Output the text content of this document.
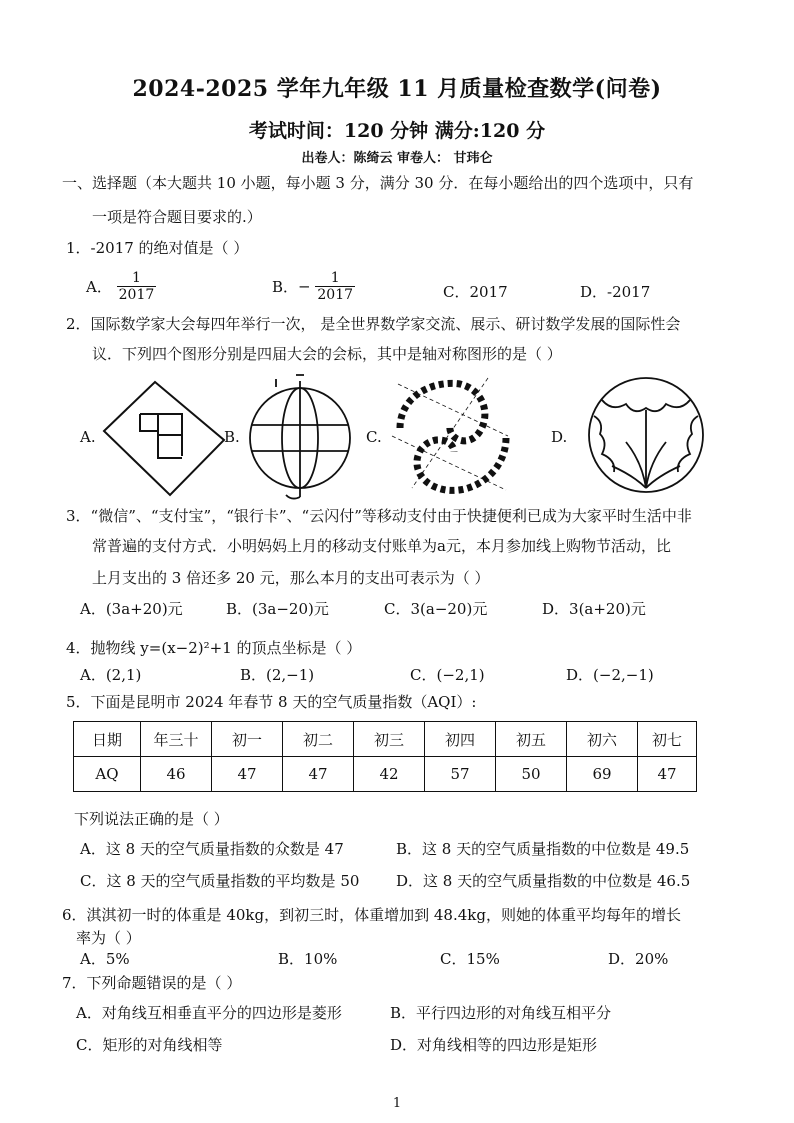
2024-2025 学年九年级 11 月质量检查数学(问卷)
考试时间：120 分钟 满分:120 分
出卷人：陈绮云 审卷人： 甘玮仑
一、选择题（本大题共 10 小题，每小题 3 分，满分 30 分．在每小题给出的四个选项中，只有
一项是符合题目要求的.）
1．-2017 的绝对值是（ ）
A． $\frac{1}{2017}$	B．− $\frac{1}{2017}$	C．2017	D．-2017
2．国际数学家大会每四年举行一次， 是全世界数学家交流、展示、研讨数学发展的国际性会
议．下列四个图形分别是四届大会的会标，其中是轴对称图形的是（ ）
A.	B.	C.	D.
3．“微信”、“支付宝”，“银行卡”、“云闪付”等移动支付由于快捷便利已成为大家平时生活中非
常普遍的支付方式．小明妈妈上月的移动支付账单为a元，本月参加线上购物节活动，比
上月支出的 3 倍还多 20 元，那么本月的支出可表示为（ ）
A．(3a+20)元	B．(3a−20)元	C．3(a−20)元	D．3(a+20)元
4．抛物线 y=(x−2)²+1 的顶点坐标是（ ）
A．(2,1)	B．(2,−1)	C．(−2,1)	D．(−2,−1)
5．下面是昆明市 2024 年春节 8 天的空气质量指数（AQI）:
日期	年三十	初一	初二	初三	初四	初五	初六	初七
AQ	46	47	47	42	57	50	69	47
下列说法正确的是（ ）
A．这 8 天的空气质量指数的众数是 47	B．这 8 天的空气质量指数的中位数是 49.5
C．这 8 天的空气质量指数的平均数是 50 D．这 8 天的空气质量指数的中位数是 46.5
6．淇淇初一时的体重是 40kg，到初三时，体重增加到 48.4kg，则她的体重平均每年的增长
率为（ ）
A．5%	B．10%	C．15%	D．20%
7．下列命题错误的是（ ）
A．对角线互相垂直平分的四边形是菱形	B．平行四边形的对角线互相平分
C．矩形的对角线相等	D．对角线相等的四边形是矩形
1
